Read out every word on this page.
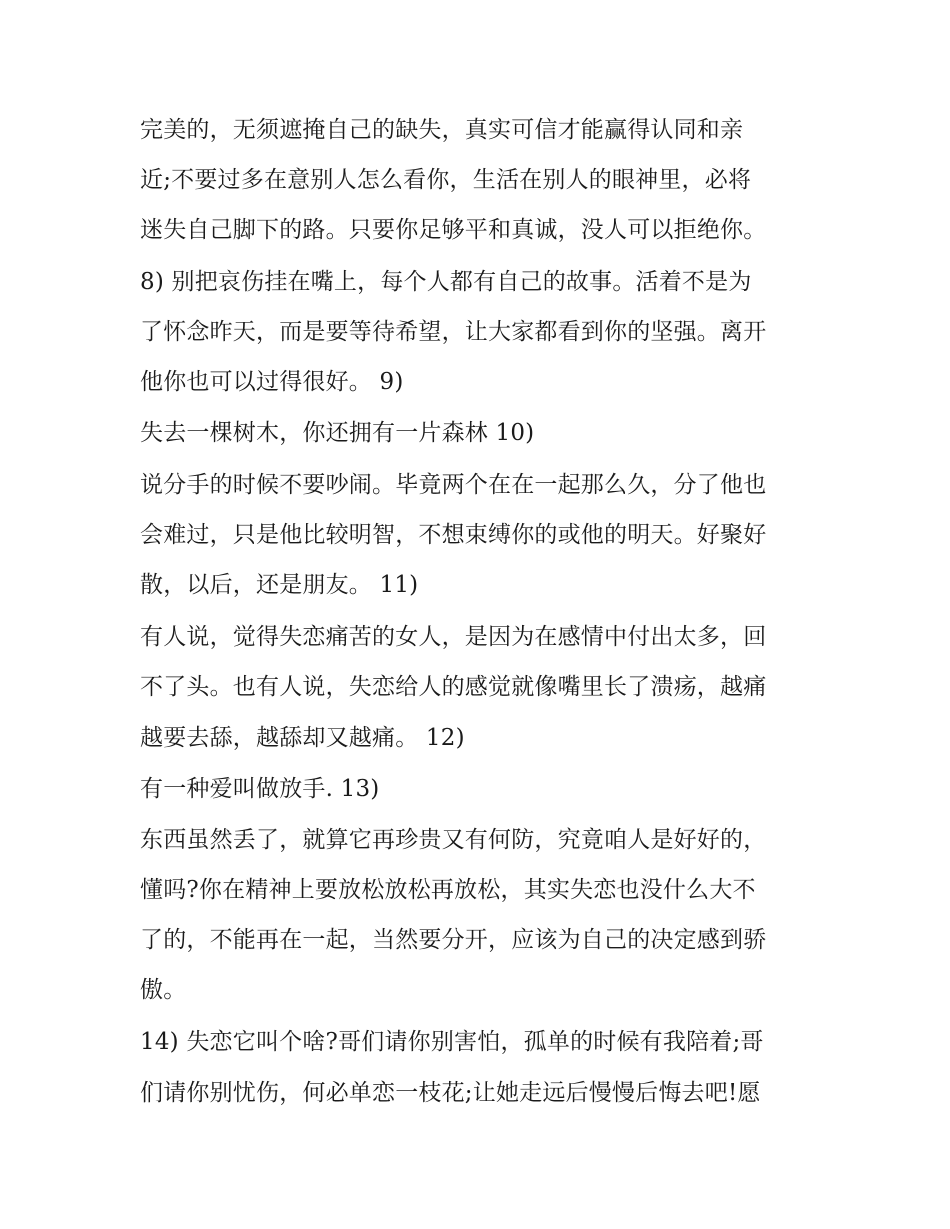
完美的，无须遮掩自己的缺失，真实可信才能赢得认同和亲
近;不要过多在意别人怎么看你，生活在别人的眼神里，必将
迷失自己脚下的路。只要你足够平和真诚，没人可以拒绝你。
8) 别把哀伤挂在嘴上，每个人都有自己的故事。活着不是为
了怀念昨天，而是要等待希望，让大家都看到你的坚强。离开
他你也可以过得很好。 9)
失去一棵树木，你还拥有一片森林 10)
说分手的时候不要吵闹。毕竟两个在在一起那么久，分了他也
会难过，只是他比较明智，不想束缚你的或他的明天。好聚好
散，以后，还是朋友。 11)
有人说，觉得失恋痛苦的女人，是因为在感情中付出太多，回
不了头。也有人说，失恋给人的感觉就像嘴里长了溃疡，越痛
越要去舔，越舔却又越痛。 12)
有一种爱叫做放手. 13)
东西虽然丢了，就算它再珍贵又有何防，究竟咱人是好好的，
懂吗?你在精神上要放松放松再放松，其实失恋也没什么大不
了的，不能再在一起，当然要分开，应该为自己的决定感到骄
傲。
14) 失恋它叫个啥?哥们请你别害怕，孤单的时候有我陪着;哥
们请你别忧伤，何必单恋一枝花;让她走远后慢慢后悔去吧!愿
